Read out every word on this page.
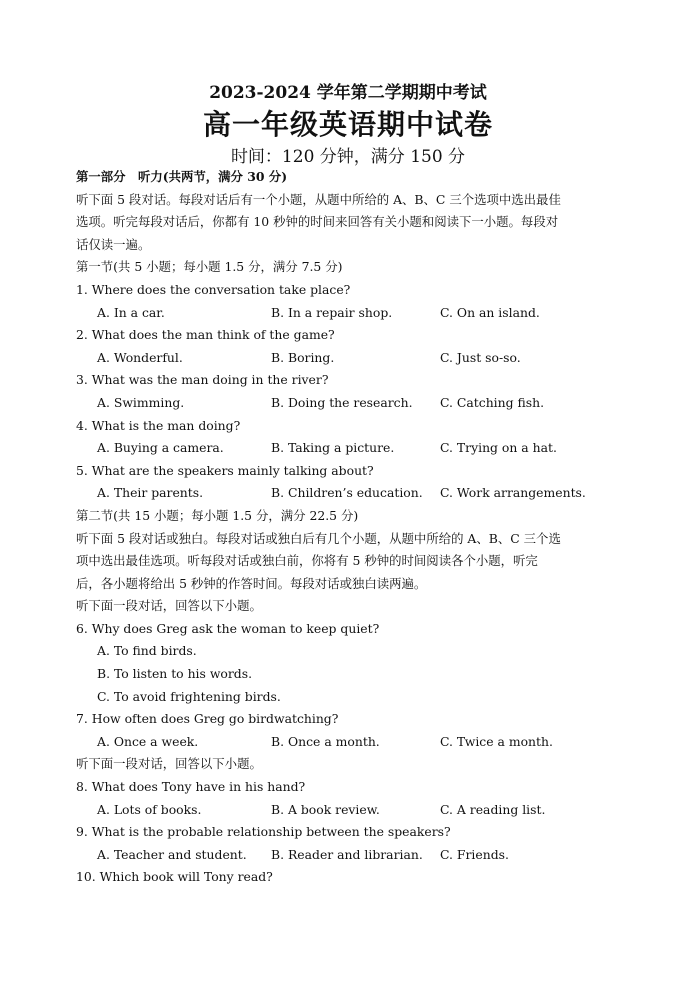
2023-2024 学年第二学期期中考试
高一年级英语期中试卷
时间：120 分钟，满分 150 分
第一部分　听力(共两节，满分 30 分)
听下面 5 段对话。每段对话后有一个小题，从题中所给的 A、B、C 三个选项中选出最佳
选项。听完每段对话后，你都有 10 秒钟的时间来回答有关小题和阅读下一小题。每段对
话仅读一遍。
第一节(共 5 小题；每小题 1.5 分，满分 7.5 分)
1. Where does the conversation take place?
A. In a car.	B. In a repair shop.	C. On an island.
2. What does the man think of the game?
A. Wonderful.	B. Boring.	C. Just so-so.
3. What was the man doing in the river?
A. Swimming.	B. Doing the research. C. Catching fish.
4. What is the man doing?
A. Buying a camera.	B. Taking a picture.	C. Trying on a hat.
5. What are the speakers mainly talking about?
A. Their parents.	B. Children’s education. C. Work arrangements.
第二节(共 15 小题；每小题 1.5 分，满分 22.5 分)
听下面 5 段对话或独白。每段对话或独白后有几个小题，从题中所给的 A、B、C 三个选
项中选出最佳选项。听每段对话或独白前，你将有 5 秒钟的时间阅读各个小题，听完
后，各小题将给出 5 秒钟的作答时间。每段对话或独白读两遍。
听下面一段对话，回答以下小题。
6. Why does Greg ask the woman to keep quiet?
A. To find birds.
B. To listen to his words.
C. To avoid frightening birds.
7. How often does Greg go birdwatching?
A. Once a week.	B. Once a month.	C. Twice a month.
听下面一段对话，回答以下小题。
8. What does Tony have in his hand?
A. Lots of books.	B. A book review.	C. A reading list.
9. What is the probable relationship between the speakers?
A. Teacher and student. B. Reader and librarian. C. Friends.
10. Which book will Tony read?
